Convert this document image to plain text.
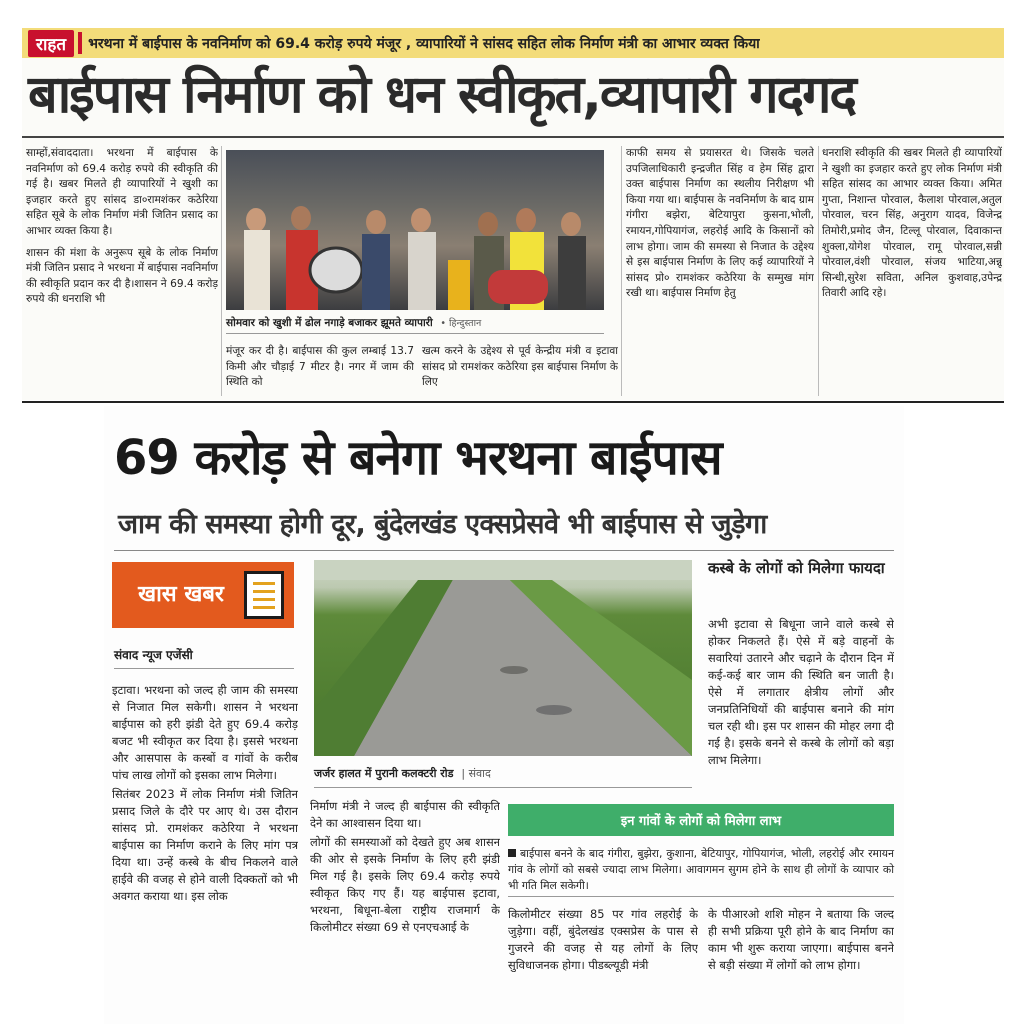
राहत	भरथना में बाईपास के नवनिर्माण को 69.4 करोड़ रुपये मंजूर , व्यापारियों ने सांसद सहित लोक निर्माण मंत्री का आभार व्यक्त किया
बाईपास निर्माण को धन स्वीकृत,व्यापारी गदगद

साम्हों,संवाददाता। भरथना में बाईपास के नवनिर्माण को 69.4 करोड़ रुपये की स्वीकृति की गई है। खबर मिलते ही व्यापारियों ने खुशी का इजहार करते हुए सांसद डा०रामशंकर कठेरिया सहित सूबे के लोक निर्माण मंत्री जितिन प्रसाद का आभार व्यक्त किया है।

शासन की मंशा के अनुरूप सूबे के लोक निर्माण मंत्री जितिन प्रसाद ने भरथना में बाईपास नवनिर्माण की स्वीकृति प्रदान कर दी है।शासन ने 69.4 करोड़ रुपये की धनराशि भी

सोमवार को खुशी में ढोल नगाड़े बजाकर झूमते व्यापारी • हिन्दुस्तान

मंजूर कर दी है। बाईपास की कुल लम्बाई 13.7 किमी और चौड़ाई 7 मीटर है। नगर में जाम की स्थिति को

खत्म करने के उद्देश्य से पूर्व केन्द्रीय मंत्री व इटावा सांसद प्रो रामशंकर कठेरिया इस बाईपास निर्माण के लिए

काफी समय से प्रयासरत थे। जिसके चलते उपजिलाधिकारी इन्द्रजीत सिंह व हेम सिंह द्वारा उक्त बाईपास निर्माण का स्थलीय निरीक्षण भी किया गया था। बाईपास के नवनिर्माण के बाद ग्राम गंगीरा बझेरा, बेटियापुरा कुसना,भोली, रमायन,गोपियागंज, लहरोई आदि के किसानों को लाभ होगा। जाम की समस्या से निजात के उद्देश्य से इस बाईपास निर्माण के लिए कई व्यापारियों ने सांसद प्रो० रामशंकर कठेरिया के सम्मुख मांग रखी था। बाईपास निर्माण हेतु

धनराशि स्वीकृति की खबर मिलते ही व्यापारियों ने खुशी का इजहार करते हुए लोक निर्माण मंत्री सहित सांसद का आभार व्यक्त किया। अमित गुप्ता, निशान्त पोरवाल, कैलाश पोरवाल,अतुल पोरवाल, चरन सिंह, अनुराग यादव, विजेन्द्र तिमोरी,प्रमोद जैन, टिल्लू पोरवाल, दिवाकान्त शुक्ला,योगेश पोरवाल, रामू पोरवाल,सन्नी पोरवाल,वंशी पोरवाल, संजय भाटिया,अन्नू सिन्धी,सुरेश सविता, अनिल कुशवाह,उपेन्द्र तिवारी आदि रहे।

69 करोड़ से बनेगा भरथना बाईपास
जाम की समस्या होगी दूर, बुंदेलखंड एक्सप्रेसवे भी बाईपास से जुड़ेगा
खास खबर
संवाद न्यूज एजेंसी

इटावा। भरथना को जल्द ही जाम की समस्या से निजात मिल सकेगी। शासन ने भरथना बाईपास को हरी झंडी देते हुए 69.4 करोड़ बजट भी स्वीकृत कर दिया है। इससे भरथना और आसपास के कस्बों व गांवों के करीब पांच लाख लोगों को इसका लाभ मिलेगा।

सितंबर 2023 में लोक निर्माण मंत्री जितिन प्रसाद जिले के दौरे पर आए थे। उस दौरान सांसद प्रो. रामशंकर कठेरिया ने भरथना बाईपास का निर्माण कराने के लिए मांग पत्र दिया था। उन्हें कस्बे के बीच निकलने वाले हाईवे की वजह से होने वाली दिक्कतों को भी अवगत कराया था। इस लोक

जर्जर हालत में पुरानी कलक्टरी रोड | संवाद

निर्माण मंत्री ने जल्द ही बाईपास की स्वीकृति देने का आश्वासन दिया था।

लोगों की समस्याओं को देखते हुए अब शासन की ओर से इसके निर्माण के लिए हरी झंडी मिल गई है। इसके लिए 69.4 करोड़ रुपये स्वीकृत किए गए हैं। यह बाईपास इटावा, भरथना, बिधूना-बेला राष्ट्रीय राजमार्ग के किलोमीटर संख्या 69 से एनएचआई के

कस्बे के लोगों को मिलेगा फायदा

अभी इटावा से बिधूना जाने वाले कस्बे से होकर निकलते हैं। ऐसे में बड़े वाहनों के सवारियां उतारने और चढ़ाने के दौरान दिन में कई-कई बार जाम की स्थिति बन जाती है। ऐसे में लगातार क्षेत्रीय लोगों और जनप्रतिनिधियों की बाईपास बनाने की मांग चल रही थी। इस पर शासन की मोहर लगा दी गई है। इसके बनने से कस्बे के लोगों को बड़ा लाभ मिलेगा।

इन गांवों के लोगों को मिलेगा लाभ
बाईपास बनने के बाद गंगीरा, बुझेरा, कुशाना, बेटियापुर, गोपियागंज, भोली, लहरोई और रमायन गांव के लोगों को सबसे ज्यादा लाभ मिलेगा। आवागमन सुगम होने के साथ ही लोगों के व्यापार को भी गति मिल सकेगी।

किलोमीटर संख्या 85 पर गांव लहरोई के जुड़ेगा। वहीं, बुंदेलखंड एक्सप्रेस के पास से गुजरने की वजह से यह लोगों के लिए सुविधाजनक होगा। पीडब्ल्यूडी मंत्री

के पीआरओ शशि मोहन ने बताया कि जल्द ही सभी प्रक्रिया पूरी होने के बाद निर्माण का काम भी शुरू कराया जाएगा। बाईपास बनने से बड़ी संख्या में लोगों को लाभ होगा।
